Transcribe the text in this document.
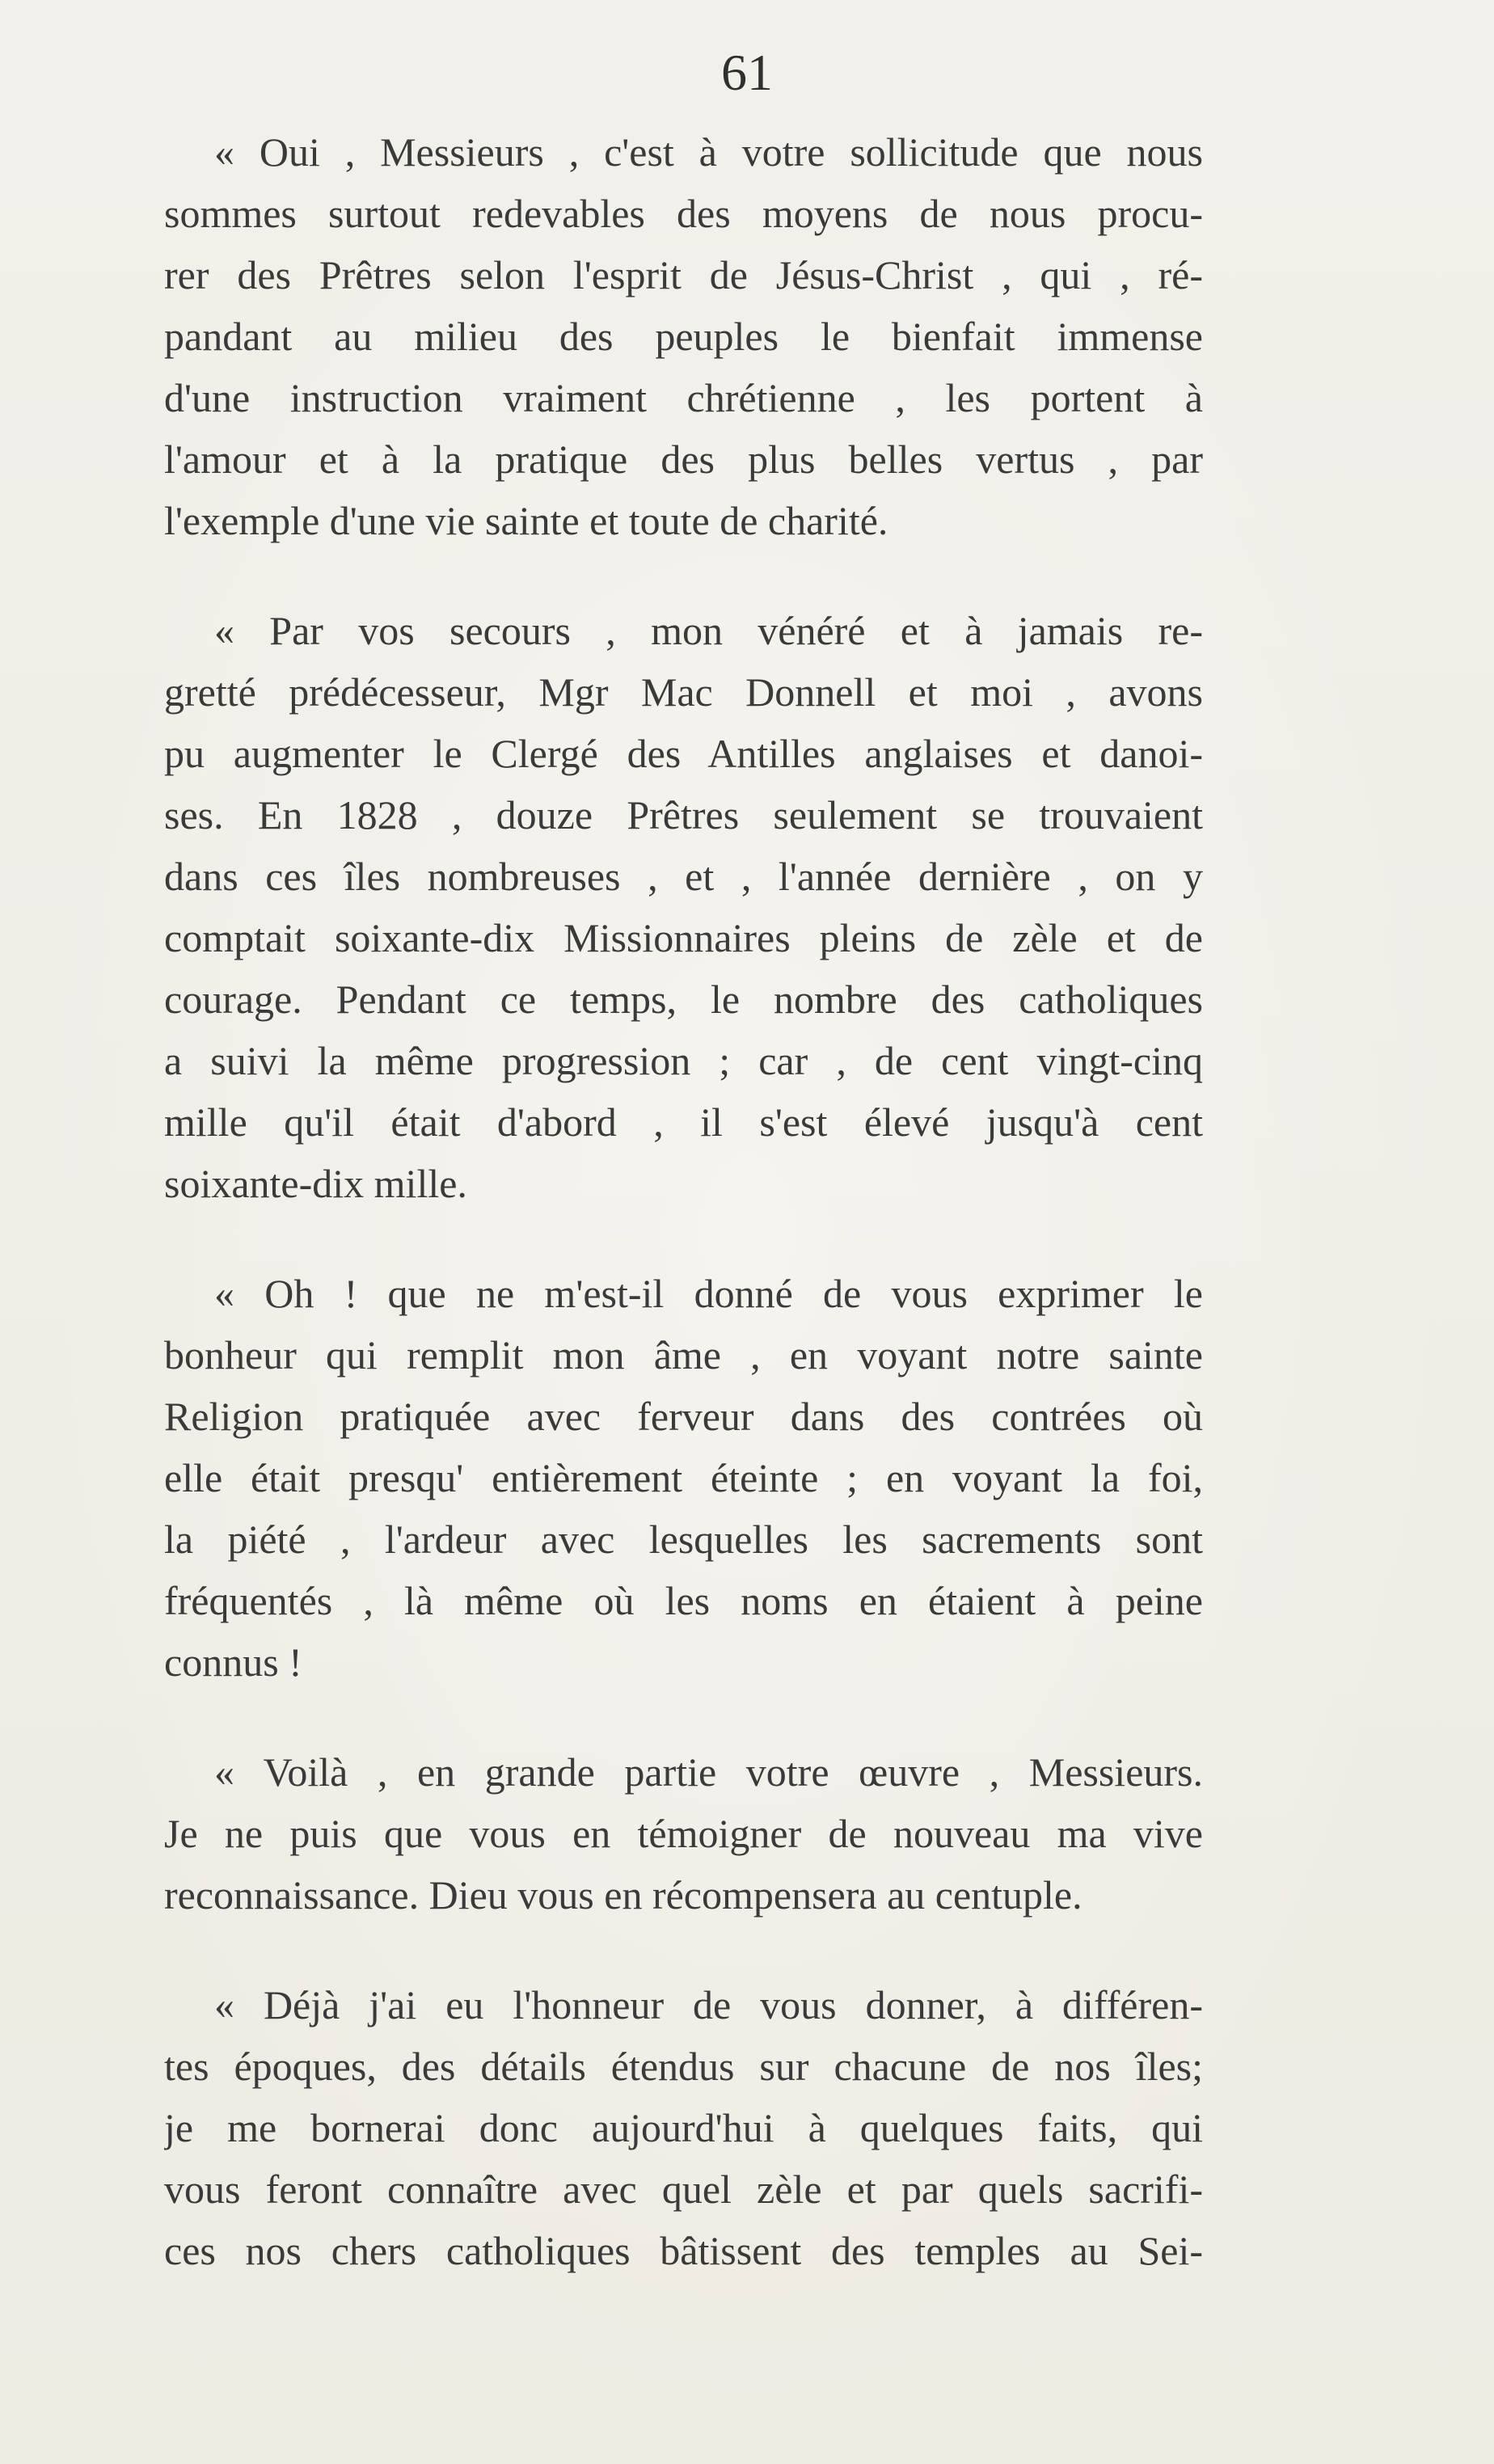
61
« Oui , Messieurs , c'est à votre sollicitude que nous
sommes surtout redevables des moyens de nous procu-
rer des Prêtres selon l'esprit de Jésus-Christ , qui , ré-
pandant au milieu des peuples le bienfait immense
d'une instruction vraiment chrétienne , les portent à
l'amour et à la pratique des plus belles vertus , par
l'exemple d'une vie sainte et toute de charité.
« Par vos secours , mon vénéré et à jamais re-
gretté prédécesseur, Mgr Mac Donnell et moi , avons
pu augmenter le Clergé des Antilles anglaises et danoi-
ses. En 1828 , douze Prêtres seulement se trouvaient
dans ces îles nombreuses , et , l'année dernière , on y
comptait soixante-dix Missionnaires pleins de zèle et de
courage. Pendant ce temps, le nombre des catholiques
a suivi la même progression ; car , de cent vingt-cinq
mille qu'il était d'abord , il s'est élevé jusqu'à cent
soixante-dix mille.
« Oh ! que ne m'est-il donné de vous exprimer le
bonheur qui remplit mon âme , en voyant notre sainte
Religion pratiquée avec ferveur dans des contrées où
elle était presqu' entièrement éteinte ; en voyant la foi,
la piété , l'ardeur avec lesquelles les sacrements sont
fréquentés , là même où les noms en étaient à peine
connus !
« Voilà , en grande partie votre œuvre , Messieurs.
Je ne puis que vous en témoigner de nouveau ma vive
reconnaissance. Dieu vous en récompensera au centuple.
« Déjà j'ai eu l'honneur de vous donner, à différen-
tes époques, des détails étendus sur chacune de nos îles;
je me bornerai donc aujourd'hui à quelques faits, qui
vous feront connaître avec quel zèle et par quels sacrifi-
ces nos chers catholiques bâtissent des temples au Sei-
